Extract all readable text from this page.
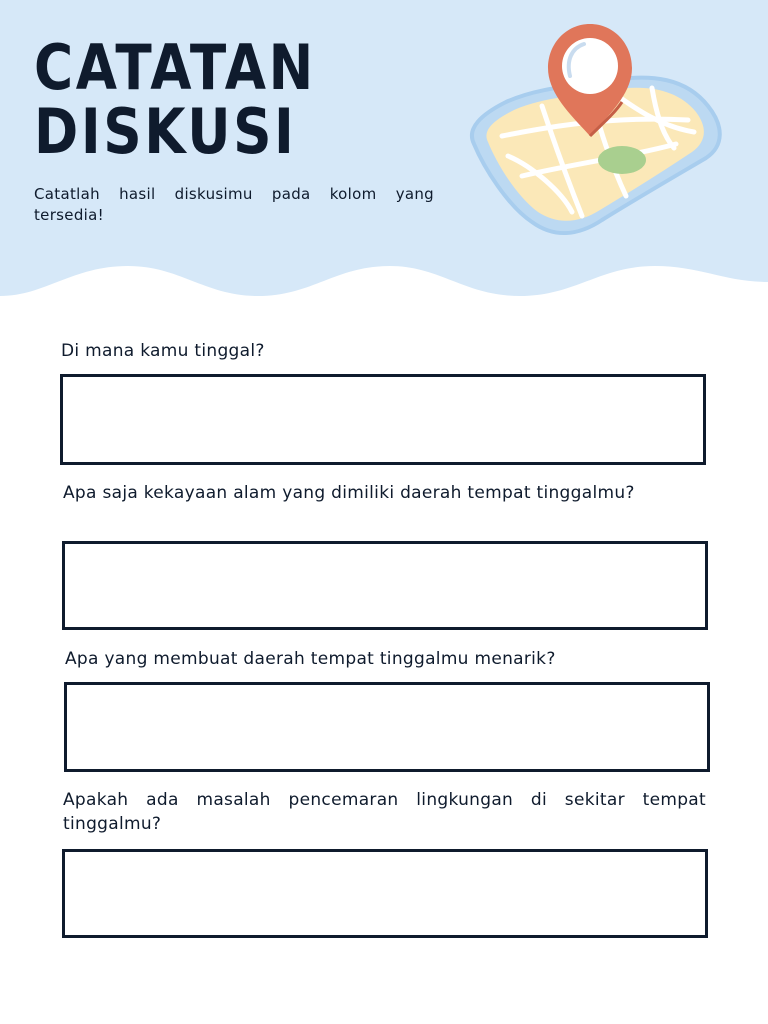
CATATAN
DISKUSI

Catatlah hasil diskusimu pada kolom yang tersedia!

Di mana kamu tinggal?

Apa saja kekayaan alam yang dimiliki daerah tempat tinggalmu?

Apa yang membuat daerah tempat tinggalmu menarik?

Apakah ada masalah pencemaran lingkungan di sekitar tempat tinggalmu?
